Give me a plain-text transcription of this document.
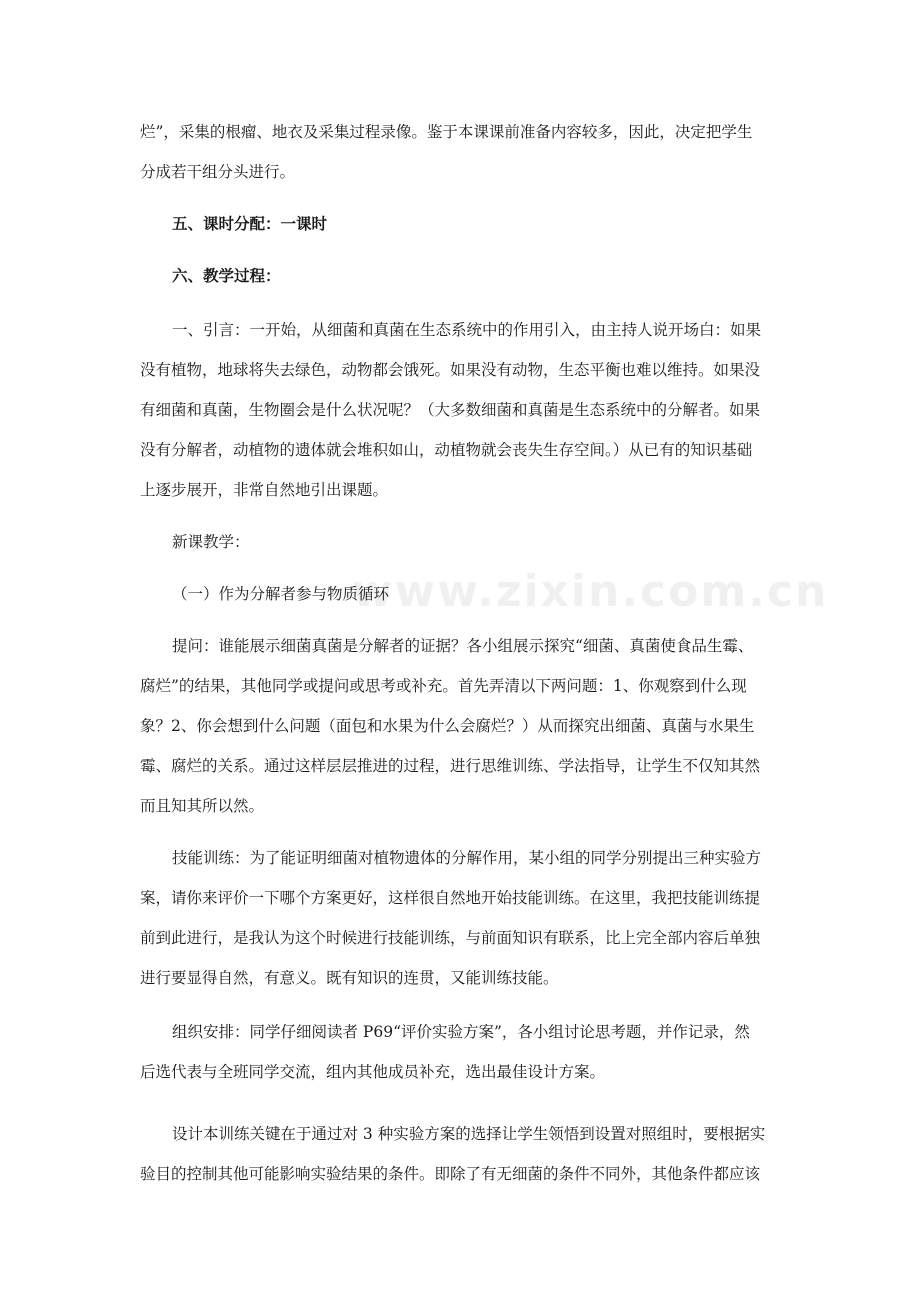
www.zixin.com.cn
烂”，采集的根瘤、地衣及采集过程录像。鉴于本课课前准备内容较多，因此，决定把学生
分成若干组分头进行。
五、课时分配：一课时
六、教学过程：
一、引言：一开始，从细菌和真菌在生态系统中的作用引入，由主持人说开场白：如果
没有植物，地球将失去绿色，动物都会饿死。如果没有动物，生态平衡也难以维持。如果没
有细菌和真菌，生物圈会是什么状况呢？（大多数细菌和真菌是生态系统中的分解者。如果
没有分解者，动植物的遗体就会堆积如山，动植物就会丧失生存空间。）从已有的知识基础
上逐步展开，非常自然地引出课题。
新课教学：
（一）作为分解者参与物质循环
提问：谁能展示细菌真菌是分解者的证据？各小组展示探究“细菌、真菌使食品生霉、
腐烂”的结果，其他同学或提问或思考或补充。首先弄清以下两问题：1、你观察到什么现
象？2、你会想到什么问题（面包和水果为什么会腐烂？）从而探究出细菌、真菌与水果生
霉、腐烂的关系。通过这样层层推进的过程，进行思维训练、学法指导，让学生不仅知其然
而且知其所以然。
技能训练：为了能证明细菌对植物遗体的分解作用，某小组的同学分别提出三种实验方
案，请你来评价一下哪个方案更好，这样很自然地开始技能训练。在这里，我把技能训练提
前到此进行，是我认为这个时候进行技能训练，与前面知识有联系，比上完全部内容后单独
进行要显得自然，有意义。既有知识的连贯，又能训练技能。
组织安排：同学仔细阅读者 P69“评价实验方案”，各小组讨论思考题，并作记录，然
后选代表与全班同学交流，组内其他成员补充，选出最佳设计方案。
设计本训练关键在于通过对 3 种实验方案的选择让学生领悟到设置对照组时，要根据实
验目的控制其他可能影响实验结果的条件。即除了有无细菌的条件不同外，其他条件都应该
